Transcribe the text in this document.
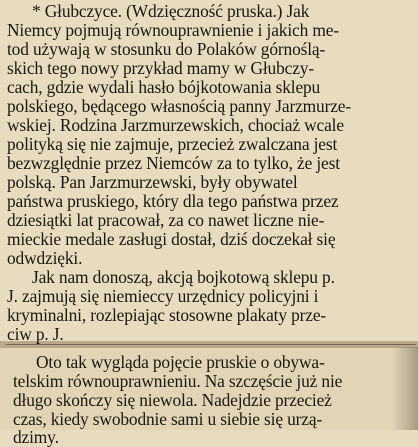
* Głubczyce. (Wdzięczność pruska.) Jak
Niemcy pojmują równouprawnienie i jakich me-
tod używają w stosunku do Polaków górnoślą-
skich tego nowy przykład mamy w Głubczy-
cach, gdzie wydali hasło bójkotowania sklepu
polskiego, będącego własnością panny Jarzmurze-
wskiej. Rodzina Jarzmurzewskich, chociaż wcale
polityką się nie zajmuje, przecież zwalczana jest
bezwzględnie przez Niemców za to tylko, że jest
polską. Pan Jarzmurzewski, były obywatel
państwa pruskiego, który dla tego państwa przez
dziesiątki lat pracował, za co nawet liczne nie-
mieckie medale zasługi dostał, dziś doczekał się
odwdzięki.
Jak nam donoszą, akcją bojkotową sklepu p.
J. zajmują się niemieccy urzędnicy policyjni i
kryminalni, rozlepiając stosowne plakaty prze-
ciw p. J.
Oto tak wygląda pojęcie pruskie o obywa-
telskim równouprawnieniu. Na szczęście już nie
długo skończy się niewola. Nadejdzie przecież
czas, kiedy swobodnie sami u siebie się urzą-
dzimy.
